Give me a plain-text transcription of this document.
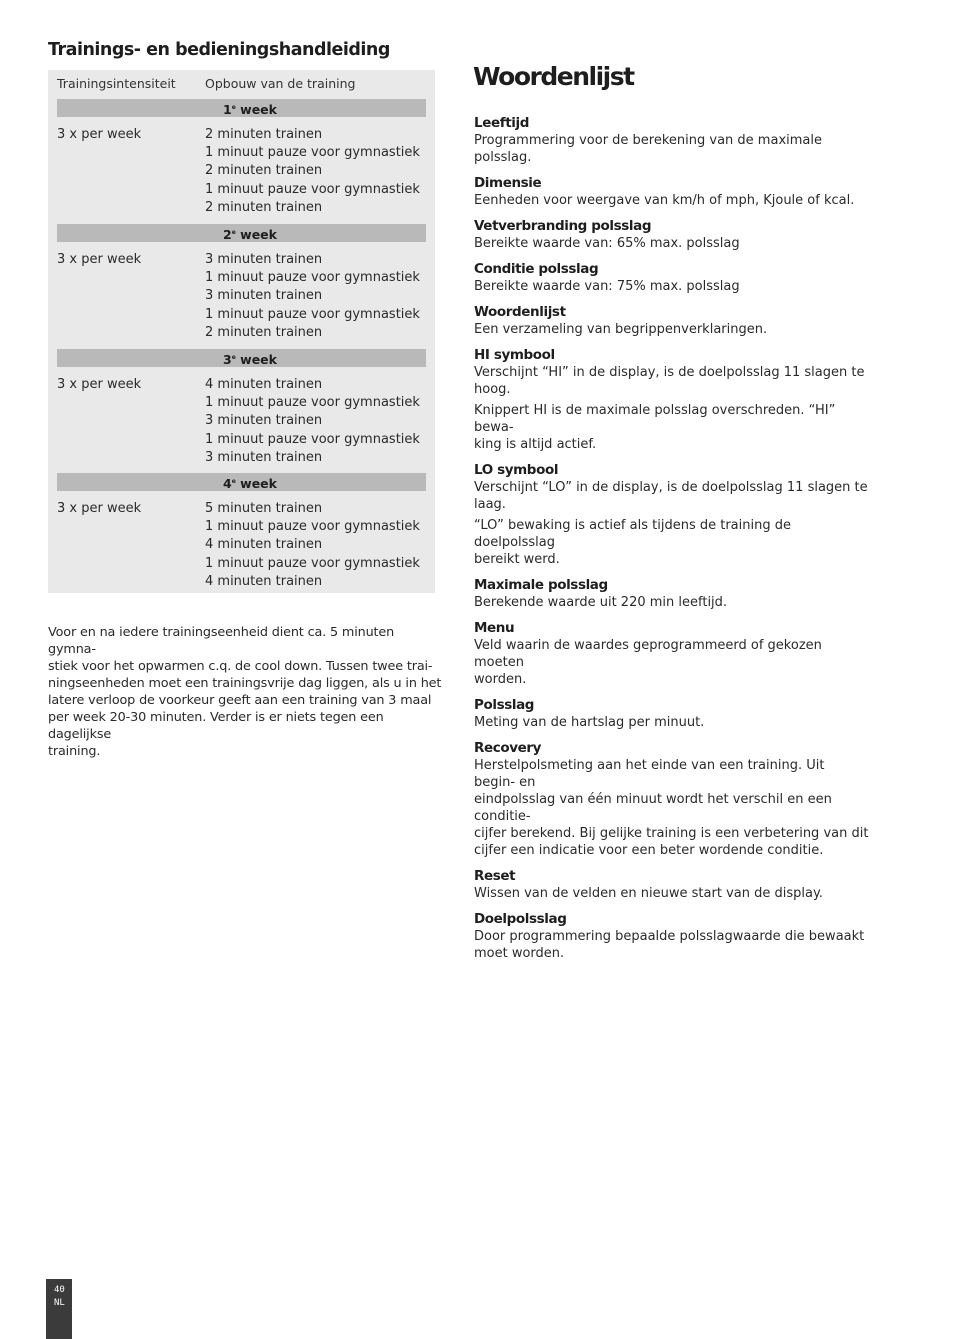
Trainings- en bedieningshandleiding
Trainingsintensiteit Opbouw van de training
1e week
3 x per week	2 minuten trainen
1 minuut pauze voor gymnastiek
2 minuten trainen
1 minuut pauze voor gymnastiek
2 minuten trainen
2e week
3 x per week	3 minuten trainen
1 minuut pauze voor gymnastiek
3 minuten trainen
1 minuut pauze voor gymnastiek
2 minuten trainen
3e week
3 x per week	4 minuten trainen
1 minuut pauze voor gymnastiek
3 minuten trainen
1 minuut pauze voor gymnastiek
3 minuten trainen
4e week
3 x per week	5 minuten trainen
1 minuut pauze voor gymnastiek
4 minuten trainen
1 minuut pauze voor gymnastiek
4 minuten trainen
Voor en na iedere trainingseenheid dient ca. 5 minuten gymna-
stiek voor het opwarmen c.q. de cool down. Tussen twee trai-
ningseenheden moet een trainingsvrije dag liggen, als u in het
latere verloop de voorkeur geeft aan een training van 3 maal
per week 20-30 minuten. Verder is er niets tegen een dagelijkse
training.
Woordenlijst
Leeftijd
Programmering voor de berekening van de maximale polsslag.
Dimensie
Eenheden voor weergave van km/h of mph, Kjoule of kcal.
Vetverbranding polsslag
Bereikte waarde van: 65% max. polsslag
Conditie polsslag
Bereikte waarde van: 75% max. polsslag
Woordenlijst
Een verzameling van begrippenverklaringen.
HI symbool
Verschijnt “HI” in de display, is de doelpolsslag 11 slagen te
hoog.
Knippert HI is de maximale polsslag overschreden. “HI” bewa-
king is altijd actief.
LO symbool
Verschijnt “LO” in de display, is de doelpolsslag 11 slagen te
laag.
“LO” bewaking is actief als tijdens de training de doelpolsslag
bereikt werd.
Maximale polsslag
Berekende waarde uit 220 min leeftijd.
Menu
Veld waarin de waardes geprogrammeerd of gekozen moeten
worden.
Polsslag
Meting van de hartslag per minuut.
Recovery
Herstelpolsmeting aan het einde van een training. Uit begin- en
eindpolsslag van één minuut wordt het verschil en een conditie-
cijfer berekend. Bij gelijke training is een verbetering van dit
cijfer een indicatie voor een beter wordende conditie.
Reset
Wissen van de velden en nieuwe start van de display.
Doelpolsslag
Door programmering bepaalde polsslagwaarde die bewaakt
moet worden.
40
NL
